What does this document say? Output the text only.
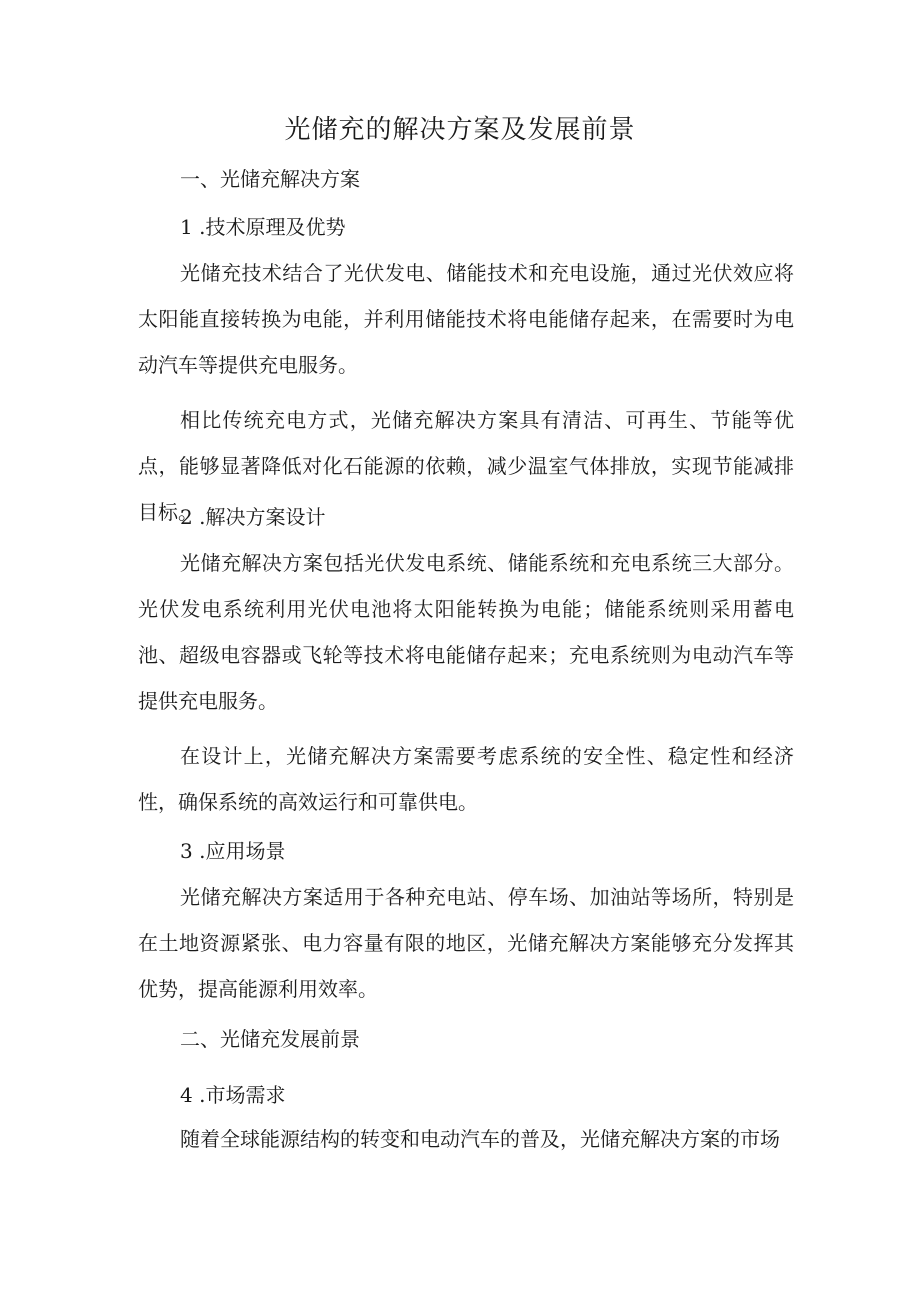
光储充的解决方案及发展前景
一、光储充解决方案
1 .技术原理及优势
光储充技术结合了光伏发电、储能技术和充电设施，通过光伏效应将太阳能直接转换为电能，并利用储能技术将电能储存起来，在需要时为电动汽车等提供充电服务。
相比传统充电方式，光储充解决方案具有清洁、可再生、节能等优点，能够显著降低对化石能源的依赖，减少温室气体排放，实现节能减排目标。
2 .解决方案设计
光储充解决方案包括光伏发电系统、储能系统和充电系统三大部分。光伏发电系统利用光伏电池将太阳能转换为电能；储能系统则采用蓄电池、超级电容器或飞轮等技术将电能储存起来；充电系统则为电动汽车等提供充电服务。
在设计上，光储充解决方案需要考虑系统的安全性、稳定性和经济性，确保系统的高效运行和可靠供电。
3 .应用场景
光储充解决方案适用于各种充电站、停车场、加油站等场所，特别是在土地资源紧张、电力容量有限的地区，光储充解决方案能够充分发挥其优势，提高能源利用效率。
二、光储充发展前景
4 .市场需求
随着全球能源结构的转变和电动汽车的普及，光储充解决方案的市场
